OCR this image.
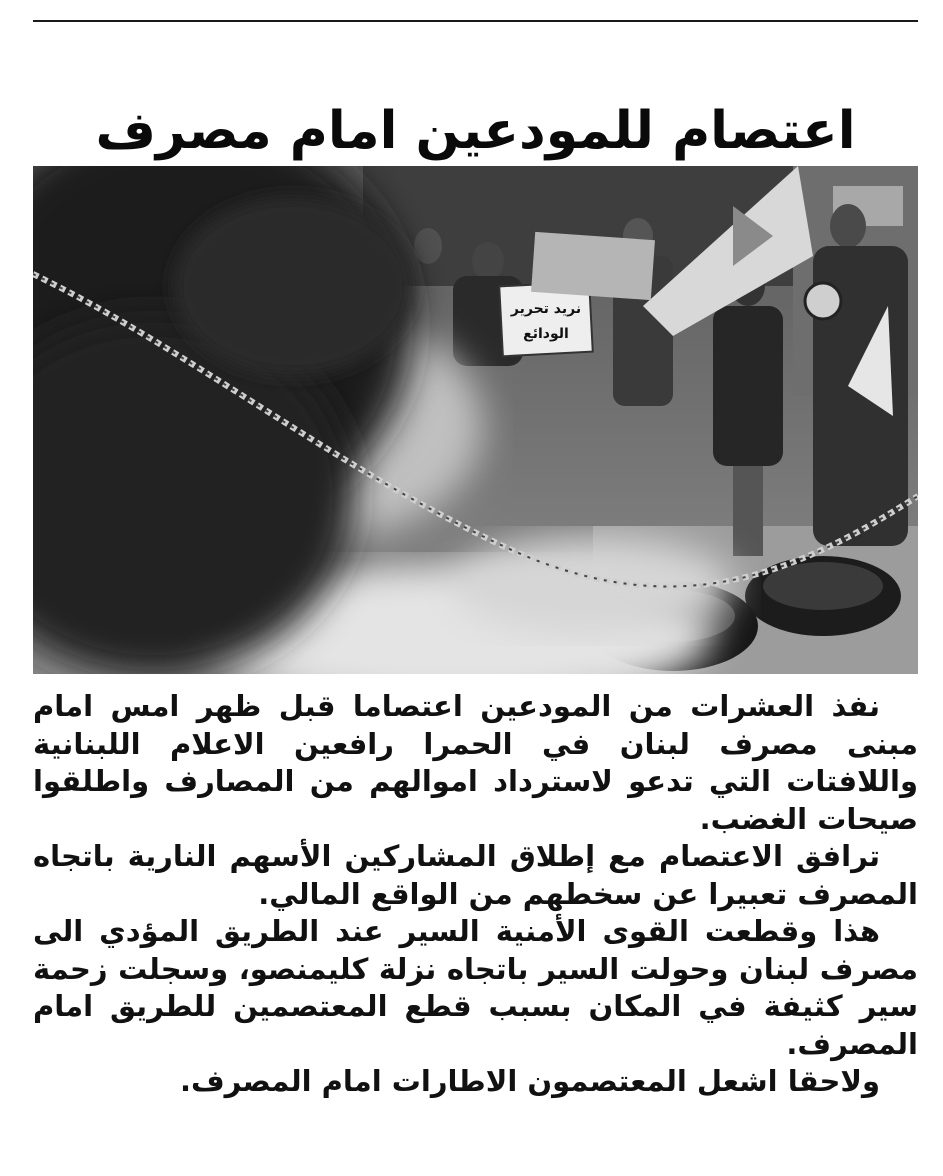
اعتصام للمودعين امام مصرف
نريد تحرير
الودائع

نفذ العشرات من المودعين اعتصاما قبل ظهر امس امام مبنى مصرف لبنان في الحمرا رافعين الاعلام اللبنانية واللافتات التي تدعو لاسترداد اموالهم من المصارف واطلقوا صيحات الغضب.

ترافق الاعتصام مع إطلاق المشاركين الأسهم النارية باتجاه المصرف تعبيرا عن سخطهم من الواقع المالي.

هذا وقطعت القوى الأمنية السير عند الطريق المؤدي الى مصرف لبنان وحولت السير باتجاه نزلة كليمنصو، وسجلت زحمة سير كثيفة في المكان بسبب قطع المعتصمين للطريق امام المصرف.

ولاحقا اشعل المعتصمون الاطارات امام المصرف.
